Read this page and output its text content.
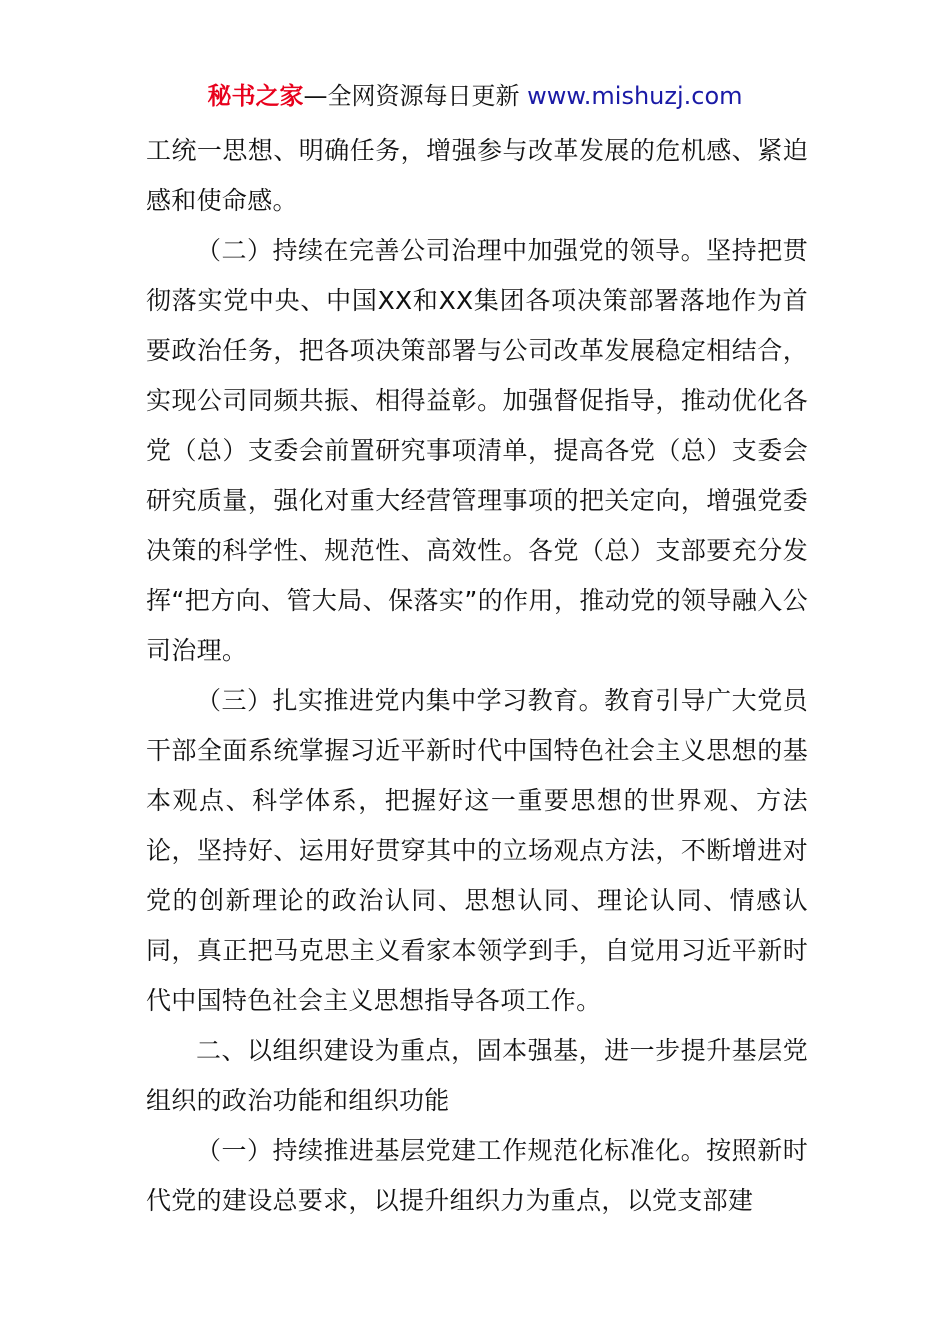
秘书之家—全网资源每日更新 www.mishuzj.com

工统一思想、明确任务，增强参与改革发展的危机感、紧迫感和使命感。

（二）持续在完善公司治理中加强党的领导。坚持把贯彻落实党中央、中国XX和XX集团各项决策部署落地作为首要政治任务，把各项决策部署与公司改革发展稳定相结合，实现公司同频共振、相得益彰。加强督促指导，推动优化各党（总）支委会前置研究事项清单，提高各党（总）支委会研究质量，强化对重大经营管理事项的把关定向，增强党委决策的科学性、规范性、高效性。各党（总）支部要充分发挥“把方向、管大局、保落实”的作用，推动党的领导融入公司治理。

（三）扎实推进党内集中学习教育。教育引导广大党员干部全面系统掌握习近平新时代中国特色社会主义思想的基本观点、科学体系，把握好这一重要思想的世界观、方法论，坚持好、运用好贯穿其中的立场观点方法，不断增进对党的创新理论的政治认同、思想认同、理论认同、情感认同，真正把马克思主义看家本领学到手，自觉用习近平新时代中国特色社会主义思想指导各项工作。

二、以组织建设为重点，固本强基，进一步提升基层党组织的政治功能和组织功能

（一）持续推进基层党建工作规范化标准化。按照新时代党的建设总要求，以提升组织力为重点，以党支部建
